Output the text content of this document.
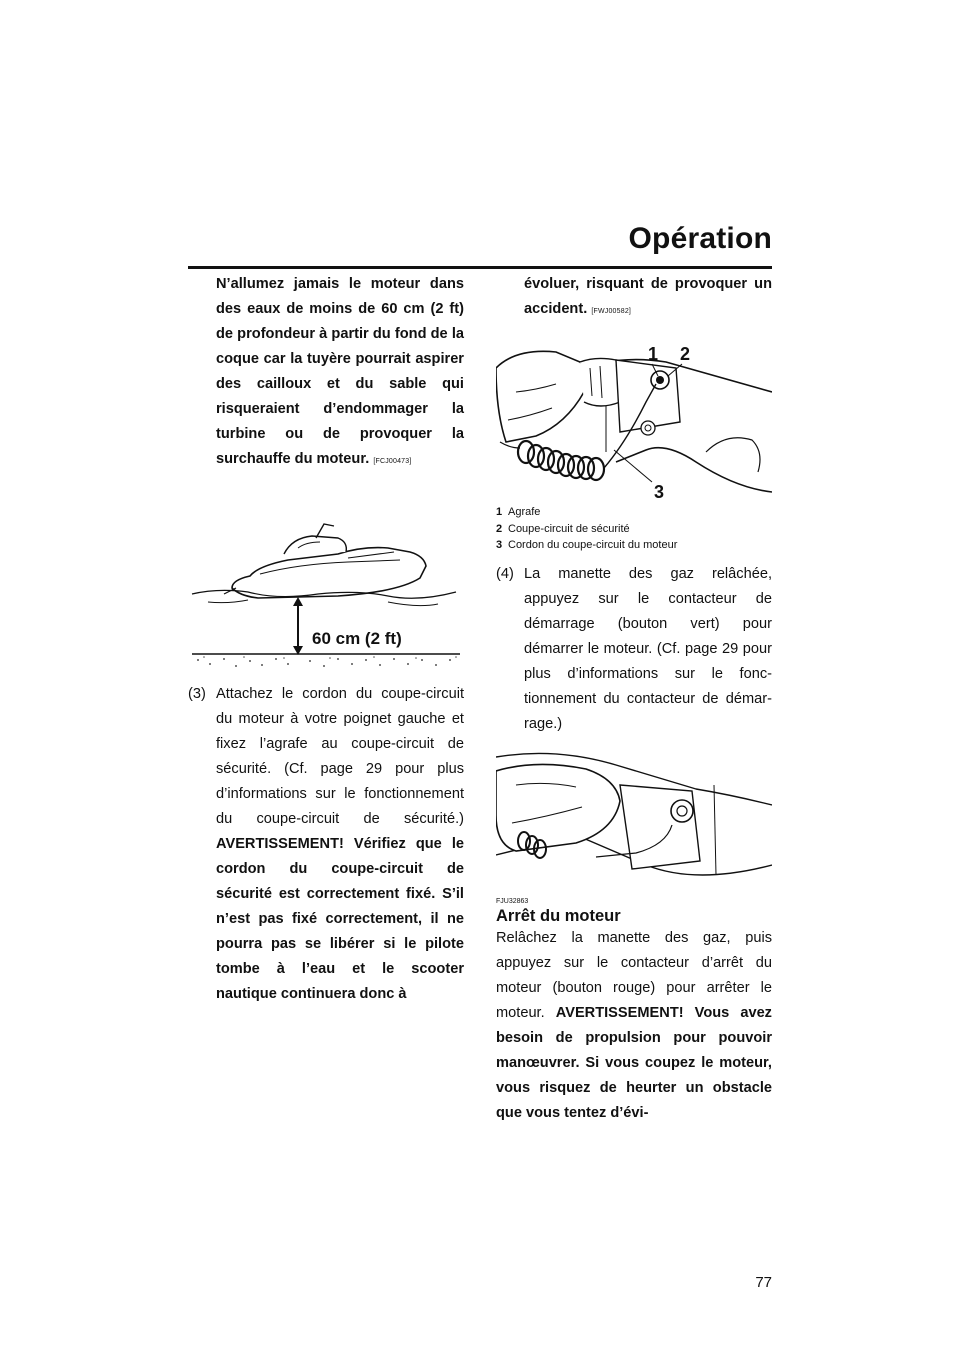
Opération

N’allumez jamais le moteur dans des eaux de moins de 60 cm (2 ft) de profondeur à partir du fond de la coque car la tuyère pourrait aspirer des cailloux et du sable qui risqueraient d’endommager la turbine ou de provoquer la surchauffe du moteur. [FCJ00473]

60 cm (2 ft)
(3) Attachez le cordon du coupe-circuit du moteur à votre poignet gauche et fixez l’agrafe au coupe-circuit de sécurité. (Cf. page 29 pour plus d’informations sur le fonctionnement du coupe-circuit de sécurité.) AVERTISSEMENT! Vérifiez que le cordon du coupe-circuit de sécurité est correctement fixé. S’il n’est pas fixé correctement, il ne pourra pas se libérer si le pilote tombe à l’eau et le scooter nautique continuera donc à

évoluer, risquant de provoquer un accident. [FWJ00582]

1 2
3
1 Agrafe
2 Coupe-circuit de sécurité
3 Cordon du coupe-circuit du moteur
(4) La manette des gaz relâchée, appuyez sur le contacteur de démarrage (bouton vert) pour démarrer le moteur. (Cf. page 29 pour plus d’informations sur le fonctionnement du contacteur de démarrage.)
FJU32863
Arrêt du moteur

Relâchez la manette des gaz, puis appuyez sur le contacteur d’arrêt du moteur (bouton rouge) pour arrêter le moteur. AVERTISSEMENT! Vous avez besoin de propulsion pour pouvoir manœuvrer. Si vous coupez le moteur, vous risquez de heurter un obstacle que vous tentez d’évi-

77
